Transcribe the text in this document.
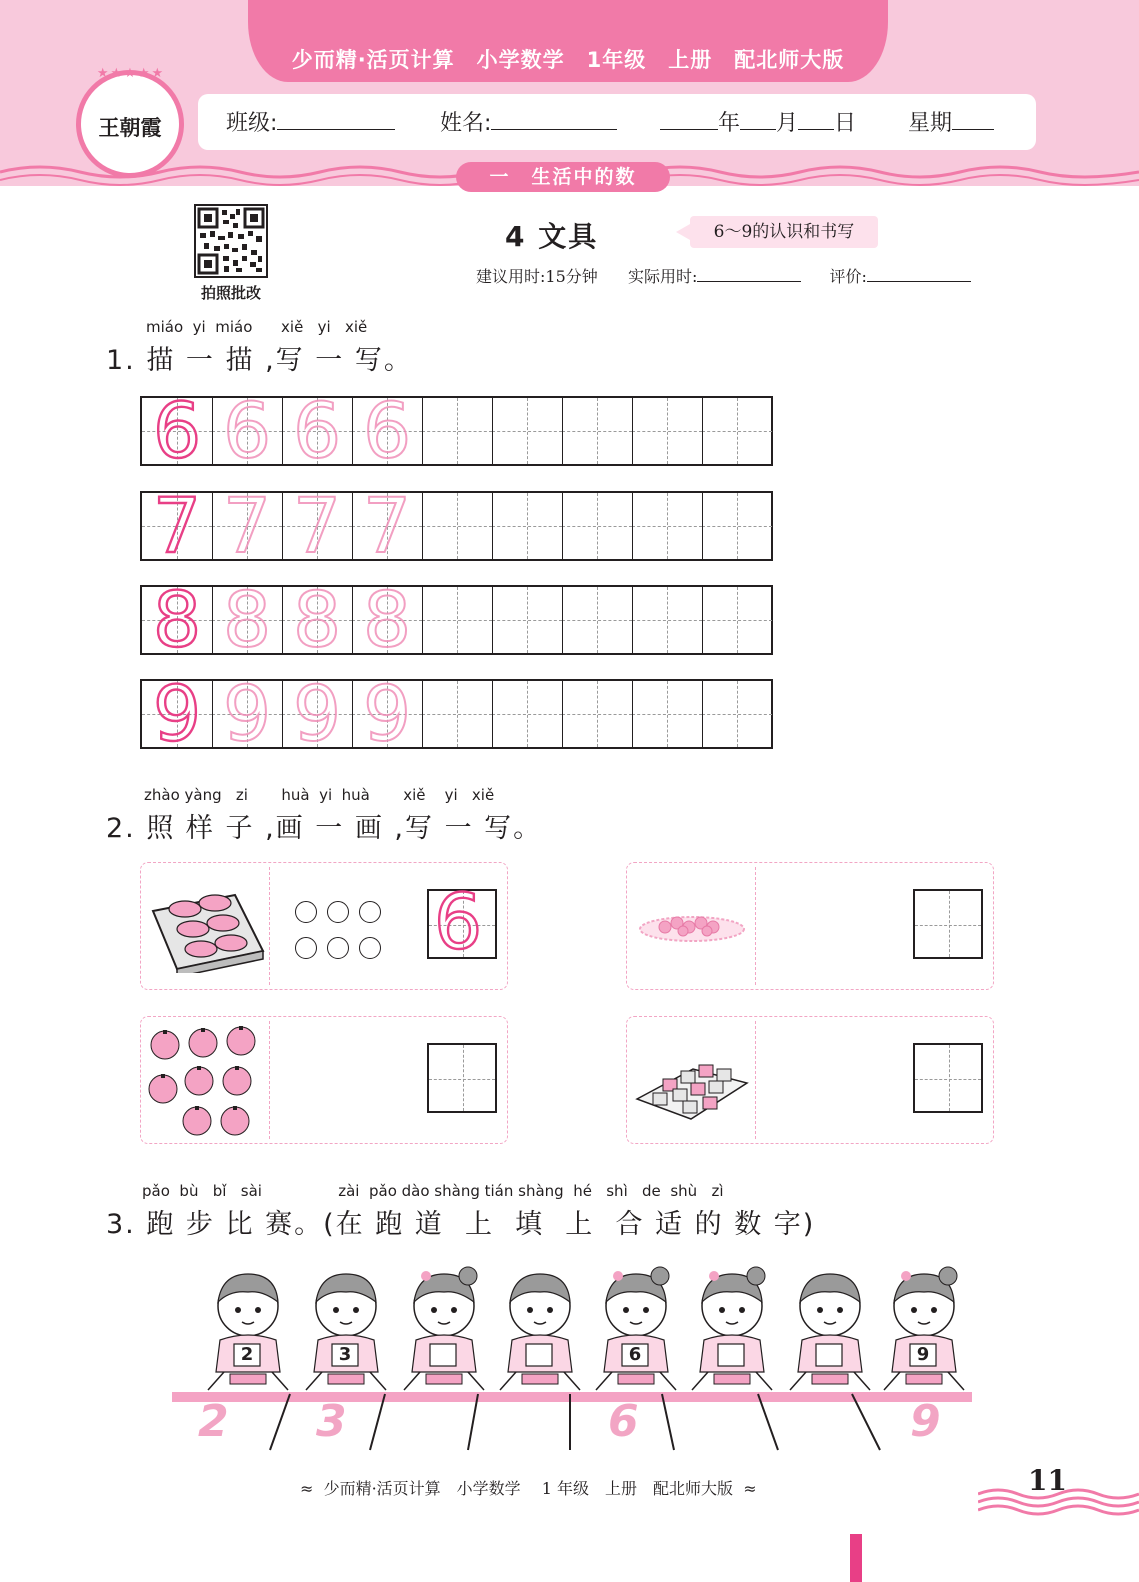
少而精·活页计算　小学数学　1年级　上册　配北师大版
★★★★★
王朝霞	班级:	姓名:	年 月 日 星期
一　生活中的数
拍照批改
4 文具	6～9的认识和书写
建议用时:15分钟 实际用时:	评价:
miáo  yi  miáo      xiě   yi   xiě
1. 描 一 描 ,写 一 写。
6 6 6 6
7 7 7 7
8 8 8 8
9 9 9 9
zhào yàng   zi       huà  yi  huà       xiě    yi   xiě
2. 照 样 子 ,画 一 画 ,写 一 写。
6
pǎo  bù   bǐ   sài                zài  pǎo dào shàng tián shàng  hé   shì   de  shù   zì
3. 跑 步 比 赛。(在 跑 道  上  填  上  合 适 的 数 字)
2	3	6	9
2 3	6	9
≈  少而精·活页计算　小学数学　 1 年级　上册　配北师大版  ≈	11
